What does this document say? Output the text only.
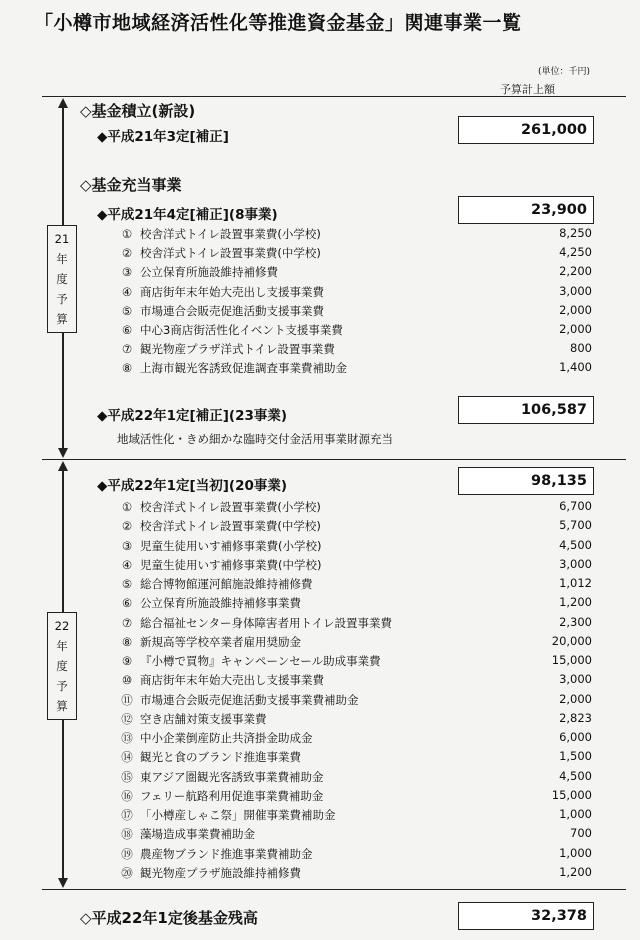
「小樽市地域経済活性化等推進資金基金」関連事業一覧
(単位：千円)
予算計上額
21
年
度
予
算
22
年
度
予
算
◇基金積立(新設)
◆平成21年3定[補正]	261,000
◇基金充当事業
◆平成21年4定[補正](8事業)	23,900
① 校舎洋式トイレ設置事業費(小学校)	8,250
② 校舎洋式トイレ設置事業費(中学校)	4,250
③ 公立保育所施設維持補修費	2,200
④ 商店街年末年始大売出し支援事業費	3,000
⑤ 市場連合会販売促進活動支援事業費	2,000
⑥ 中心3商店街活性化イベント支援事業費	2,000
⑦ 観光物産プラザ洋式トイレ設置事業費	800
⑧ 上海市観光客誘致促進調査事業費補助金	1,400
◆平成22年1定[補正](23事業)	106,587
地域活性化・きめ細かな臨時交付金活用事業財源充当
◆平成22年1定[当初](20事業)	98,135
① 校舎洋式トイレ設置事業費(小学校)	6,700
② 校舎洋式トイレ設置事業費(中学校)	5,700
③ 児童生徒用いす補修事業費(小学校)	4,500
④ 児童生徒用いす補修事業費(中学校)	3,000
⑤ 総合博物館運河館施設維持補修費	1,012
⑥ 公立保育所施設維持補修事業費	1,200
⑦ 総合福祉センター身体障害者用トイレ設置事業費	2,300
⑧ 新規高等学校卒業者雇用奨励金	20,000
⑨ 『小樽で買物』キャンペーンセール助成事業費	15,000
⑩ 商店街年末年始大売出し支援事業費	3,000
⑪ 市場連合会販売促進活動支援事業費補助金	2,000
⑫ 空き店舗対策支援事業費	2,823
⑬ 中小企業倒産防止共済掛金助成金	6,000
⑭ 観光と食のブランド推進事業費	1,500
⑮ 東アジア圏観光客誘致事業費補助金	4,500
⑯ フェリー航路利用促進事業費補助金	15,000
⑰ 「小樽産しゃこ祭」開催事業費補助金	1,000
⑱ 藻場造成事業費補助金	700
⑲ 農産物ブランド推進事業費補助金	1,000
⑳ 観光物産プラザ施設維持補修費	1,200
◇平成22年1定後基金残高	32,378
